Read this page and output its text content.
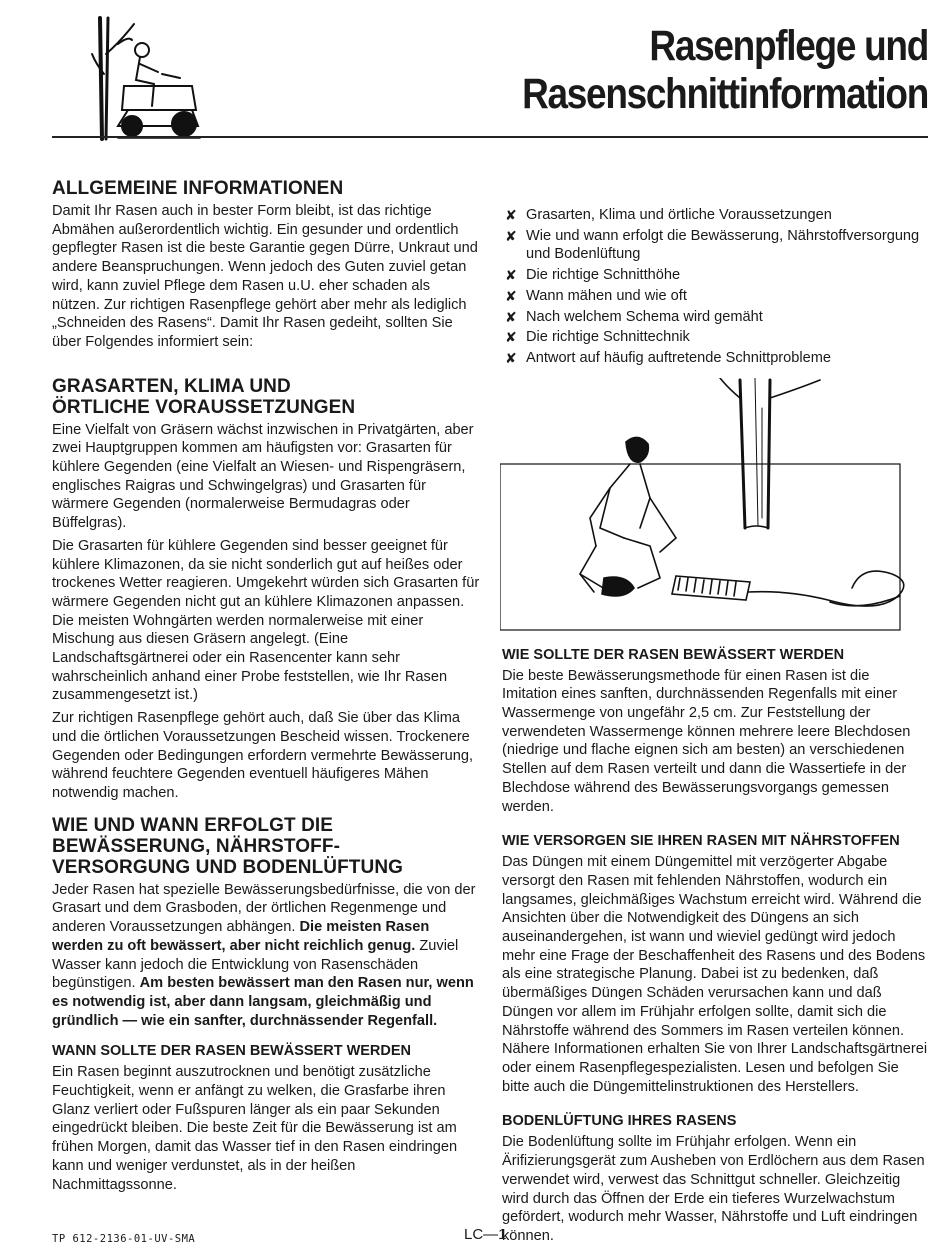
Rasenpflege und
Rasenschnittinformation
ALLGEMEINE INFORMATIONEN

Damit Ihr Rasen auch in bester Form bleibt, ist das richtige Abmähen außerordentlich wichtig. Ein gesunder und ordentlich gepflegter Rasen ist die beste Garantie gegen Dürre, Unkraut und andere Beanspruchungen. Wenn jedoch des Guten zuviel getan wird, kann zuviel Pflege dem Rasen u.U. eher schaden als nützen. Zur richtigen Rasenpflege gehört aber mehr als lediglich „Schneiden des Rasens“. Damit Ihr Rasen gedeiht, sollten Sie über Folgendes informiert sein:

GRASARTEN, KLIMA UND
ÖRTLICHE VORAUSSETZUNGEN

Eine Vielfalt von Gräsern wächst inzwischen in Privatgärten, aber zwei Hauptgruppen kommen am häufigsten vor: Grasarten für kühlere Gegenden (eine Vielfalt an Wiesen- und Rispengräsern, englisches Raigras und Schwingelgras) und Grasarten für wärmere Gegenden (normalerweise Bermudagras oder Büffelgras).

Die Grasarten für kühlere Gegenden sind besser geeignet für kühlere Klimazonen, da sie nicht sonderlich gut auf heißes oder trockenes Wetter reagieren. Umgekehrt würden sich Grasarten für wärmere Gegenden nicht gut an kühlere Klimazonen anpassen. Die meisten Wohngärten werden normalerweise mit einer Mischung aus diesen Gräsern angelegt. (Eine Landschaftsgärtnerei oder ein Rasencenter kann sehr wahrscheinlich anhand einer Probe feststellen, wie Ihr Rasen zusammengesetzt ist.)

Zur richtigen Rasenpflege gehört auch, daß Sie über das Klima und die örtlichen Voraussetzungen Bescheid wissen. Trockenere Gegenden oder Bedingungen erfordern vermehrte Bewässerung, während feuchtere Gegenden eventuell häufigeres Mähen notwendig machen.

WIE UND WANN ERFOLGT DIE
BEWÄSSERUNG, NÄHRSTOFF-
VERSORGUNG UND BODENLÜFTUNG

Jeder Rasen hat spezielle Bewässerungsbedürfnisse, die von der Grasart und dem Grasboden, der örtlichen Regenmenge und anderen Voraussetzungen abhängen. Die meisten Rasen werden zu oft bewässert, aber nicht reichlich genug. Zuviel Wasser kann jedoch die Entwicklung von Rasenschäden begünstigen. Am besten bewässert man den Rasen nur, wenn es notwendig ist, aber dann langsam, gleichmäßig und gründlich — wie ein sanfter, durchnässender Regenfall.

WANN SOLLTE DER RASEN BEWÄSSERT WERDEN

Ein Rasen beginnt auszutrocknen und benötigt zusätzliche Feuchtigkeit, wenn er anfängt zu welken, die Grasfarbe ihren Glanz verliert oder Fußspuren länger als ein paar Sekunden eingedrückt bleiben. Die beste Zeit für die Bewässerung ist am frühen Morgen, damit das Wasser tief in den Rasen eindringen kann und weniger verdunstet, als in der heißen Nachmittagssonne.

✘ Grasarten, Klima und örtliche Voraussetzungen
✘ Wie und wann erfolgt die Bewässerung, Nährstoffversorgung und Bodenlüftung
✘ Die richtige Schnitthöhe
✘ Wann mähen und wie oft
✘ Nach welchem Schema wird gemäht
✘ Die richtige Schnittechnik
✘ Antwort auf häufig auftretende Schnittprobleme
WIE SOLLTE DER RASEN BEWÄSSERT WERDEN

Die beste Bewässerungsmethode für einen Rasen ist die Imitation eines sanften, durchnässenden Regenfalls mit einer Wassermenge von ungefähr 2,5 cm. Zur Feststellung der verwendeten Wassermenge können mehrere leere Blechdosen (niedrige und flache eignen sich am besten) an verschiedenen Stellen auf dem Rasen verteilt und dann die Wassertiefe in der Blechdose während des Bewässerungsvorgangs gemessen werden.

WIE VERSORGEN SIE IHREN RASEN MIT NÄHRSTOFFEN

Das Düngen mit einem Düngemittel mit verzögerter Abgabe versorgt den Rasen mit fehlenden Nährstoffen, wodurch ein langsames, gleichmäßiges Wachstum erreicht wird. Während die Ansichten über die Notwendigkeit des Düngens an sich auseinandergehen, ist wann und wieviel gedüngt wird jedoch mehr eine Frage der Beschaffenheit des Rasens und des Bodens als eine strategische Planung. Dabei ist zu bedenken, daß übermäßiges Düngen Schäden verursachen kann und daß Düngen vor allem im Frühjahr erfolgen sollte, damit sich die Nährstoffe während des Sommers im Rasen verteilen können. Nähere Informationen erhalten Sie von Ihrer Landschaftsgärtnerei oder einem Rasenpflegespezialisten. Lesen und befolgen Sie bitte auch die Düngemittelinstruktionen des Herstellers.

BODENLÜFTUNG IHRES RASENS

Die Bodenlüftung sollte im Frühjahr erfolgen. Wenn ein Ärifizierungsgerät zum Ausheben von Erdlöchern aus dem Rasen verwendet wird, verwest das Schnittgut schneller. Gleichzeitig wird durch das Öffnen der Erde ein tieferes Wurzelwachstum gefördert, wodurch mehr Wasser, Nährstoffe und Luft eindringen können.

TP 612-2136-01-UV-SMA	LC—1
